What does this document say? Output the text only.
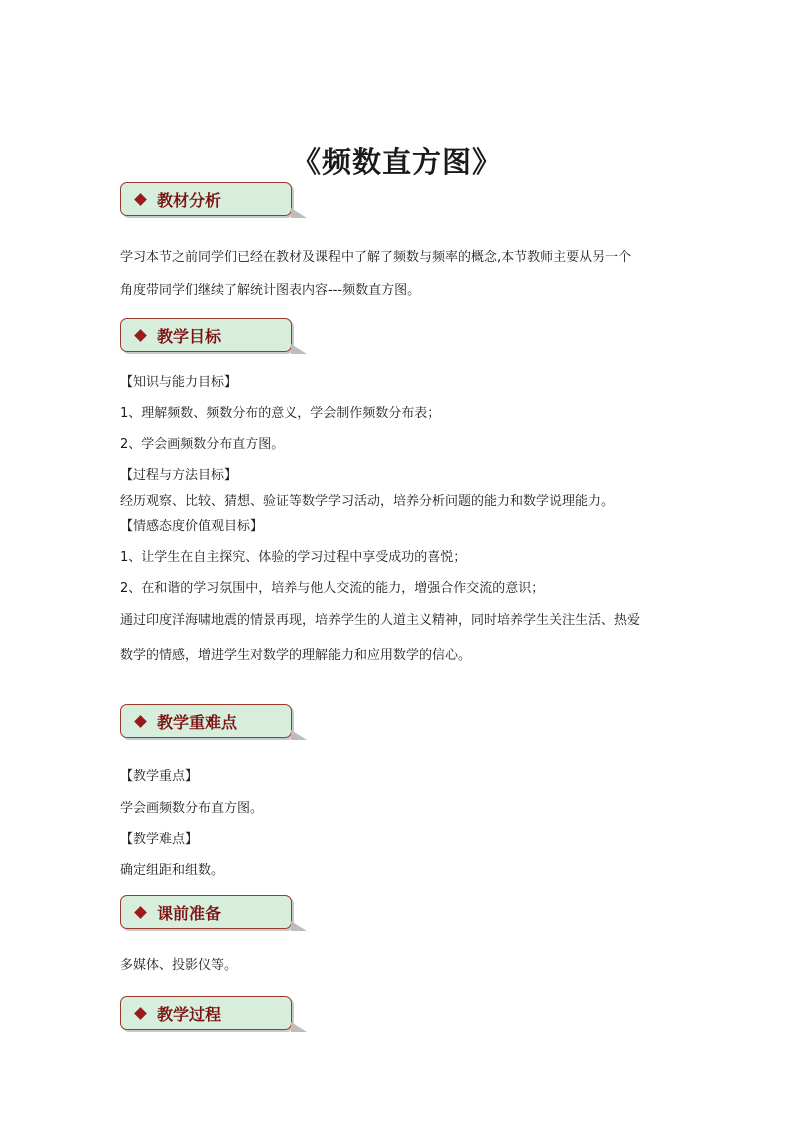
《频数直方图》
教材分析
学习本节之前同学们已经在教材及课程中了解了频数与频率的概念,本节教师主要从另一个
角度带同学们继续了解统计图表内容---频数直方图。
教学目标
【知识与能力目标】
1、理解频数、频数分布的意义，学会制作频数分布表；
2、学会画频数分布直方图。
【过程与方法目标】
经历观察、比较、猜想、验证等数学学习活动，培养分析问题的能力和数学说理能力。
【情感态度价值观目标】
1、让学生在自主探究、体验的学习过程中享受成功的喜悦；
2、在和谐的学习氛围中，培养与他人交流的能力，增强合作交流的意识；
通过印度洋海啸地震的情景再现，培养学生的人道主义精神，同时培养学生关注生活、热爱
数学的情感，增进学生对数学的理解能力和应用数学的信心。
教学重难点
【教学重点】
学会画频数分布直方图。
【教学难点】
确定组距和组数。
课前准备
多媒体、投影仪等。
教学过程
